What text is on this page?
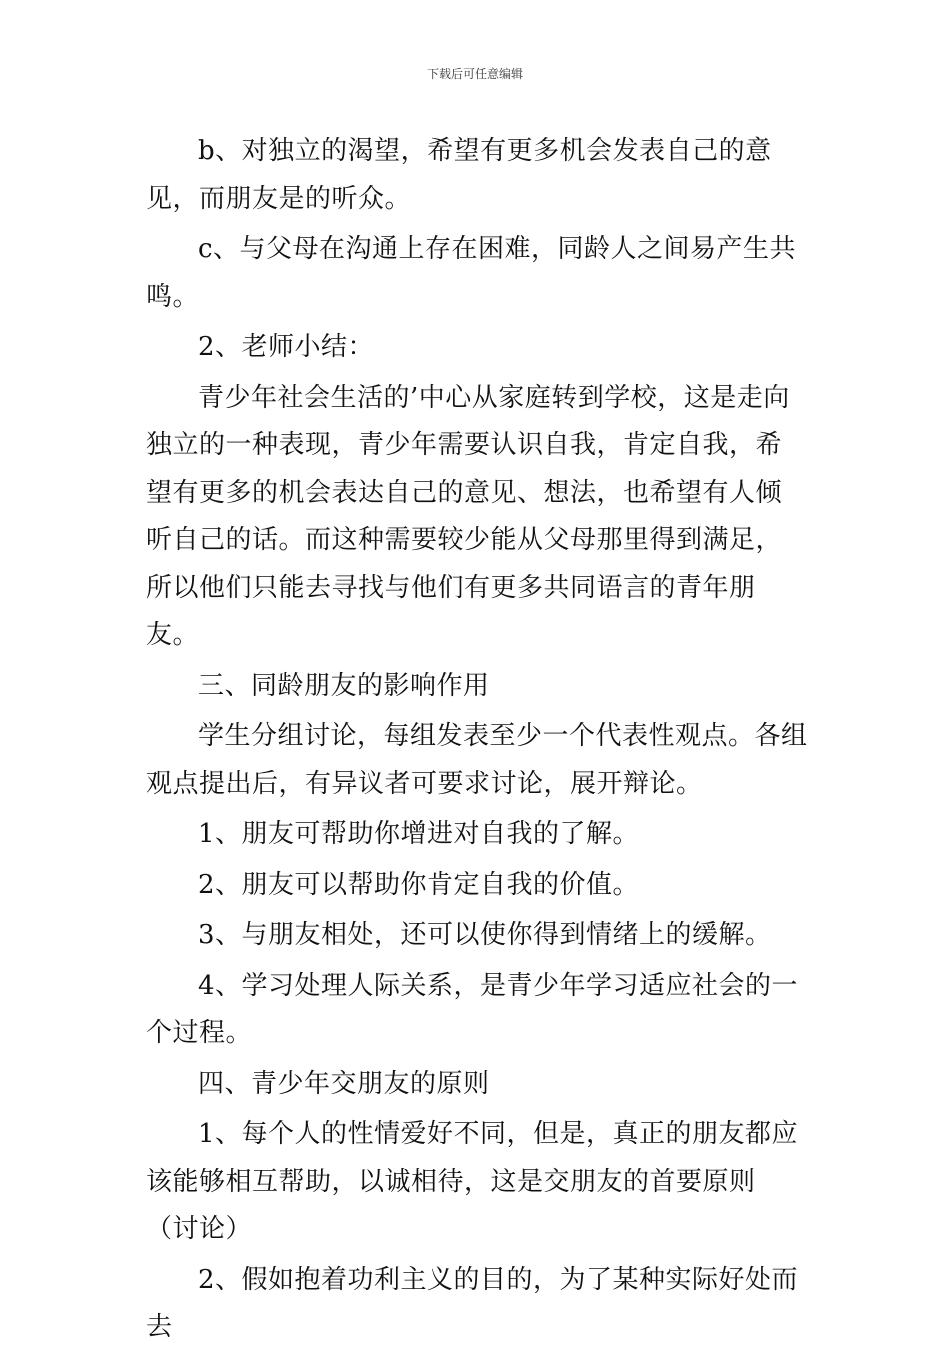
下载后可任意编辑

b、对独立的渴望，希望有更多机会发表自己的意见，而朋友是的听众。

c、与父母在沟通上存在困难，同龄人之间易产生共鸣。

2、老师小结：

青少年社会生活的’中心从家庭转到学校，这是走向独立的一种表现，青少年需要认识自我，肯定自我，希望有更多的机会表达自己的意见、想法，也希望有人倾听自己的话。而这种需要较少能从父母那里得到满足，所以他们只能去寻找与他们有更多共同语言的青年朋友。

三、同龄朋友的影响作用

学生分组讨论，每组发表至少一个代表性观点。各组观点提出后，有异议者可要求讨论，展开辩论。

1、朋友可帮助你增进对自我的了解。

2、朋友可以帮助你肯定自我的价值。

3、与朋友相处，还可以使你得到情绪上的缓解。

4、学习处理人际关系，是青少年学习适应社会的一个过程。

四、青少年交朋友的原则

1、每个人的性情爱好不同，但是，真正的朋友都应该能够相互帮助，以诚相待，这是交朋友的首要原则（讨论）

2、假如抱着功利主义的目的，为了某种实际好处而去
